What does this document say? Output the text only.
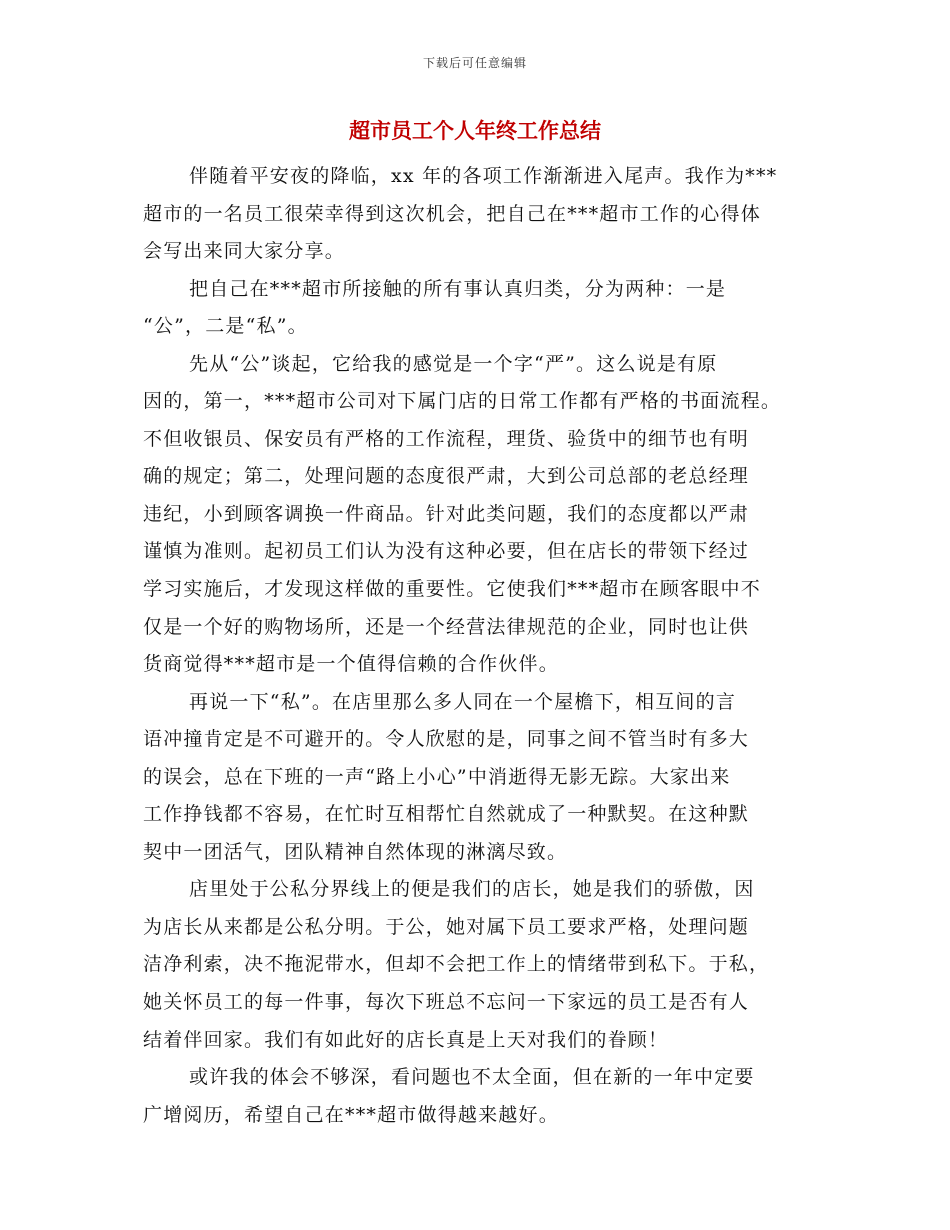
下载后可任意编辑
超市员工个人年终工作总结
伴随着平安夜的降临，xx 年的各项工作渐渐进入尾声。我作为***
超市的一名员工很荣幸得到这次机会，把自己在***超市工作的心得体
会写出来同大家分享。
把自己在***超市所接触的所有事认真归类，分为两种：一是
“公”，二是“私”。
先从“公”谈起，它给我的感觉是一个字“严”。这么说是有原
因的，第一，***超市公司对下属门店的日常工作都有严格的书面流程。
不但收银员、保安员有严格的工作流程，理货、验货中的细节也有明
确的规定；第二，处理问题的态度很严肃，大到公司总部的老总经理
违纪，小到顾客调换一件商品。针对此类问题，我们的态度都以严肃
谨慎为准则。起初员工们认为没有这种必要，但在店长的带领下经过
学习实施后，才发现这样做的重要性。它使我们***超市在顾客眼中不
仅是一个好的购物场所，还是一个经营法律规范的企业，同时也让供
货商觉得***超市是一个值得信赖的合作伙伴。
再说一下“私”。在店里那么多人同在一个屋檐下，相互间的言
语冲撞肯定是不可避开的。令人欣慰的是，同事之间不管当时有多大
的误会，总在下班的一声“路上小心”中消逝得无影无踪。大家出来
工作挣钱都不容易，在忙时互相帮忙自然就成了一种默契。在这种默
契中一团活气，团队精神自然体现的淋漓尽致。
店里处于公私分界线上的便是我们的店长，她是我们的骄傲，因
为店长从来都是公私分明。于公，她对属下员工要求严格，处理问题
洁净利索，决不拖泥带水，但却不会把工作上的情绪带到私下。于私，
她关怀员工的每一件事，每次下班总不忘问一下家远的员工是否有人
结着伴回家。我们有如此好的店长真是上天对我们的眷顾！
或许我的体会不够深，看问题也不太全面，但在新的一年中定要
广增阅历，希望自己在***超市做得越来越好。
